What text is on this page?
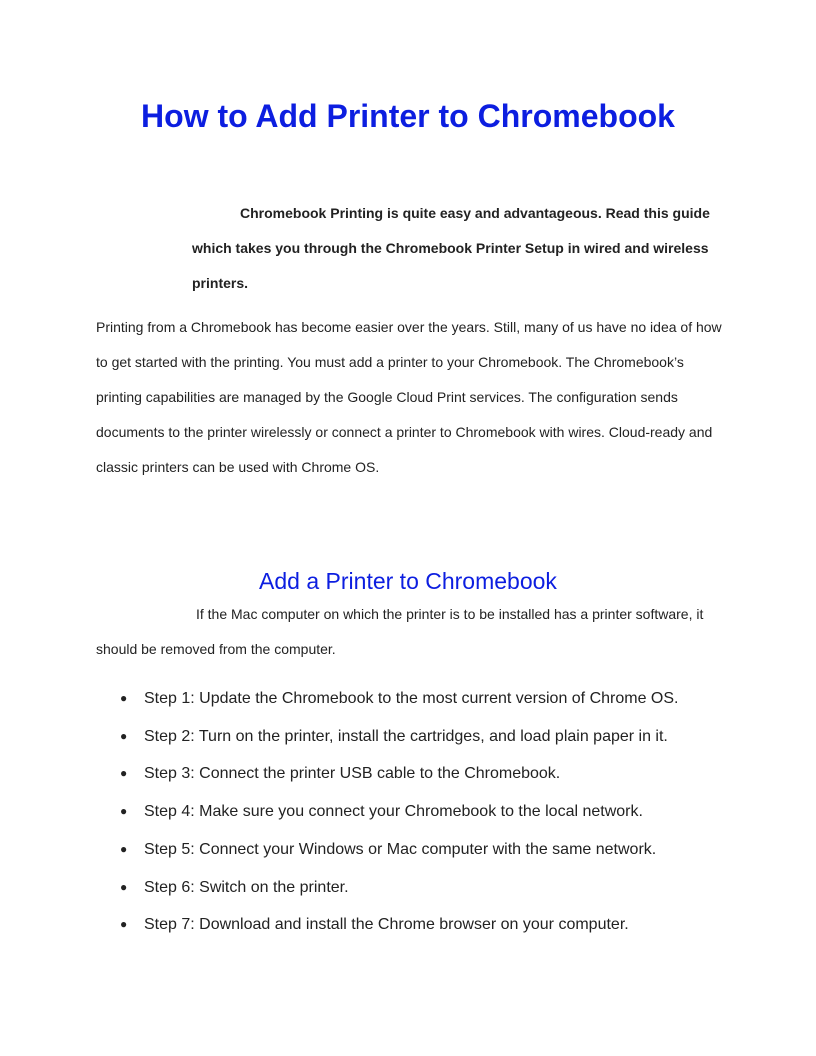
How to Add Printer to Chromebook

Chromebook Printing is quite easy and advantageous. Read this guide which takes you through the Chromebook Printer Setup in wired and wireless printers.

Printing from a Chromebook has become easier over the years. Still, many of us have no idea of how to get started with the printing. You must add a printer to your Chromebook. The Chromebook’s printing capabilities are managed by the Google Cloud Print services. The configuration sends documents to the printer wirelessly or connect a printer to Chromebook with wires. Cloud-ready and classic printers can be used with Chrome OS.

Add a Printer to Chromebook

If the Mac computer on which the printer is to be installed has a printer software, it should be removed from the computer.

● Step 1: Update the Chromebook to the most current version of Chrome OS.
● Step 2: Turn on the printer, install the cartridges, and load plain paper in it.
● Step 3: Connect the printer USB cable to the Chromebook.
● Step 4: Make sure you connect your Chromebook to the local network.
● Step 5: Connect your Windows or Mac computer with the same network.
● Step 6: Switch on the printer.
● Step 7: Download and install the Chrome browser on your computer.
